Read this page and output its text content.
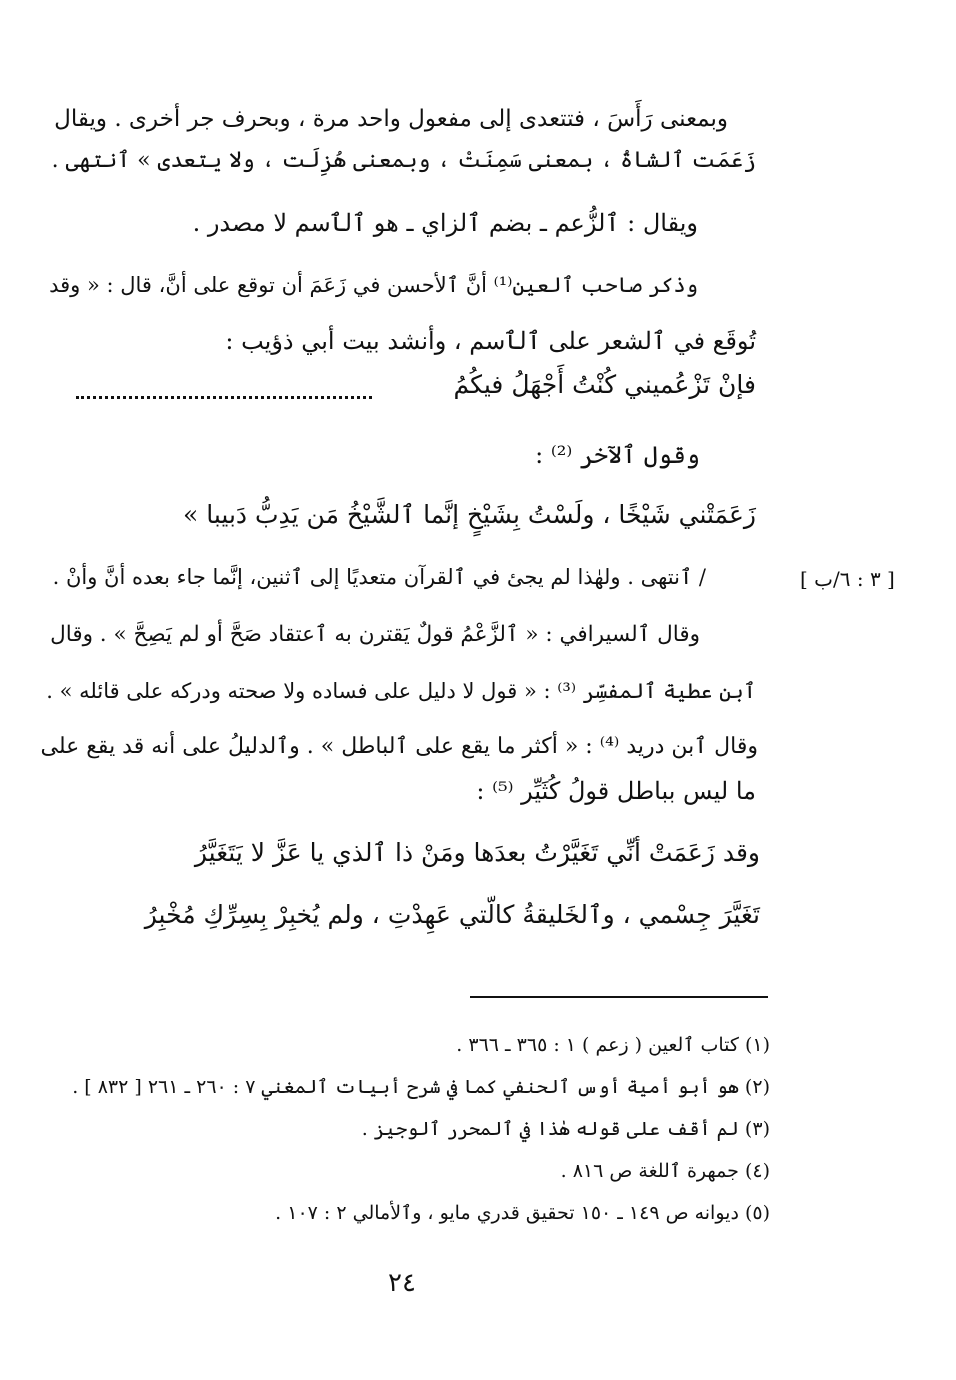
وبمعنى رَأَسَ ، فتتعدى إلى مفعول واحد مرة ، وبحرف جر أخرى . ويقال
زَعَمَت ٱلشاةُ ، بمعنى سَمِنَتْ ، وبمعنى هُزِلَت ، ولا يتعدى » ٱنتهى .
ويقال : ٱلزُّعم ـ بضم ٱلزاي ـ هو ٱلٱسم لا مصدر .
وذكر صاحب ٱلعين⁽¹⁾ أنَّ ٱلأحسن في زَعَمَ أن توقع على أنَّ، قال : « وقد
تُوقَع في ٱلشعر على ٱلٱسم ، وأنشد بيت أبي ذؤيب :
فإنْ تَزْعُميني كُنْتُ أَجْهَلُ فيكُمُ
وقول ٱلآخر ⁽²⁾ :
زَعَمَتْني شَيْخًا ، ولَسْتُ بِشَيْخٍ إنَّما ٱلشَّيْخُ مَن يَدِبُّ دَبيبا »
[ ٣ : ٦/ب ]
/ ٱنتهى . ولهٰذا لم يجئ في ٱلقرآن متعديًا إلى ٱثنين، إنَّما جاء بعده أنَّ وأنْ .
وقال ٱلسيرافي : « ٱلزَّعْمُ قولٌ يَقترن به ٱعتقاد صَحَّ أو لم يَصِحَّ » . وقال
ٱبن عطية ٱلمفسِّر ⁽³⁾ : « قول لا دليل على فساده ولا صحته ودركه على قائله » .
وقال ٱبن دريد ⁽⁴⁾ : « أكثر ما يقع على ٱلباطل » . وٱلدليلُ على أنه قد يقع على
ما ليس بباطل قولُ كُثَيِّر ⁽⁵⁾ :
وقد زَعَمَتْ أنِّي تَغَيَّرْتُ بعدَها ومَنْ ذا ٱلذي يا عَزَّ لا يَتَغَيَّرُ
تَغَيَّرَ جِسْمي ، وٱلخَليقةُ كالّتي عَهِدْتِ ، ولم يُخبِرْ بِسِرِّكِ مُخْبِرُ
(١) كتاب ٱلعين ( زعم ) ١ : ٣٦٥ ـ ٣٦٦ .
(٢) هو أبو أمية أوس ٱلحنفي كما في شرح أبيات ٱلمغني ٧ : ٢٦٠ ـ ٢٦١ [ ٨٣٢ ] .
(٣) لم أقف على قوله هٰذا في ٱلمحرر ٱلوجيز .
(٤) جمهرة ٱللغة ص ٨١٦ .
(٥) ديوانه ص ١٤٩ ـ ١٥٠ تحقيق قدري مايو ، وٱلأمالي ٢ : ١٠٧ .
٢٤
